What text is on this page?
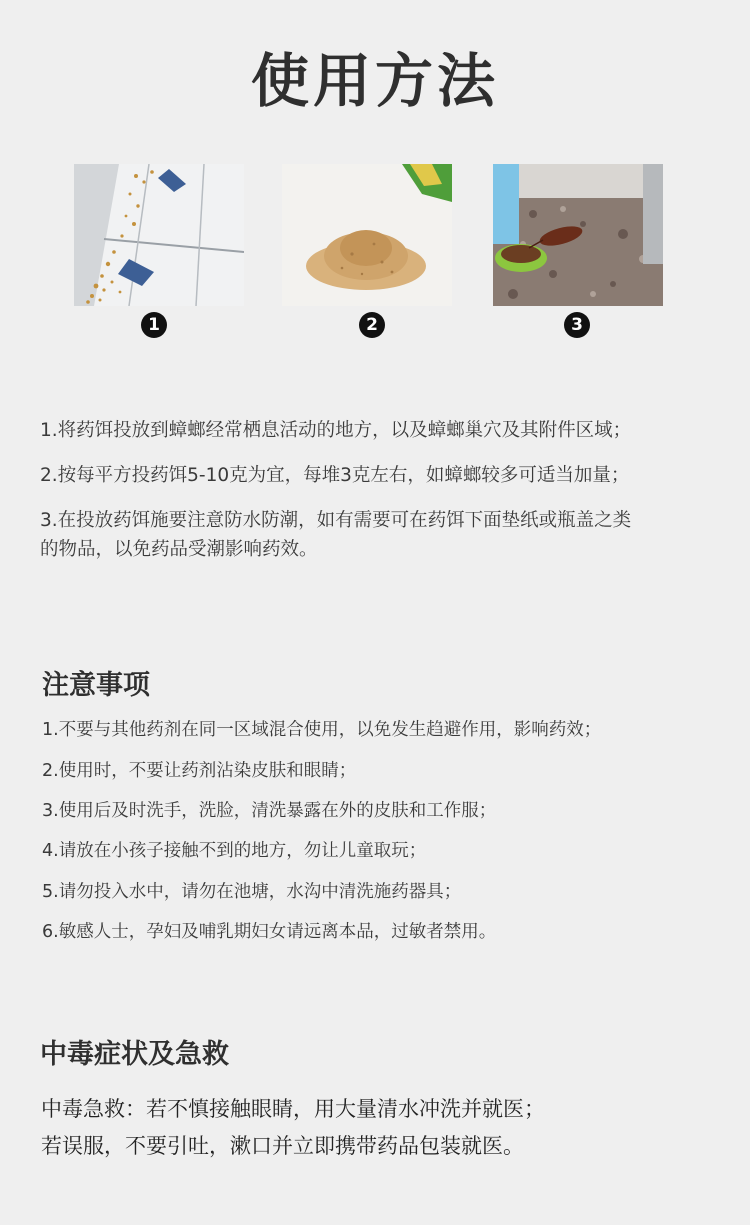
使用方法
1	2	3
1.将药饵投放到蟑螂经常栖息活动的地方，以及蟑螂巢穴及其附件区域；
2.按每平方投药饵5-10克为宜，每堆3克左右，如蟑螂较多可适当加量；
3.在投放药饵施要注意防水防潮，如有需要可在药饵下面垫纸或瓶盖之类
的物品，以免药品受潮影响药效。
注意事项
1.不要与其他药剂在同一区域混合使用，以免发生趋避作用，影响药效；
2.使用时，不要让药剂沾染皮肤和眼睛；
3.使用后及时洗手，洗脸，清洗暴露在外的皮肤和工作服；
4.请放在小孩子接触不到的地方，勿让儿童取玩；
5.请勿投入水中，请勿在池塘，水沟中清洗施药器具；
6.敏感人士，孕妇及哺乳期妇女请远离本品，过敏者禁用。
中毒症状及急救
中毒急救：若不慎接触眼睛，用大量清水冲洗并就医；
若误服，不要引吐，漱口并立即携带药品包装就医。
